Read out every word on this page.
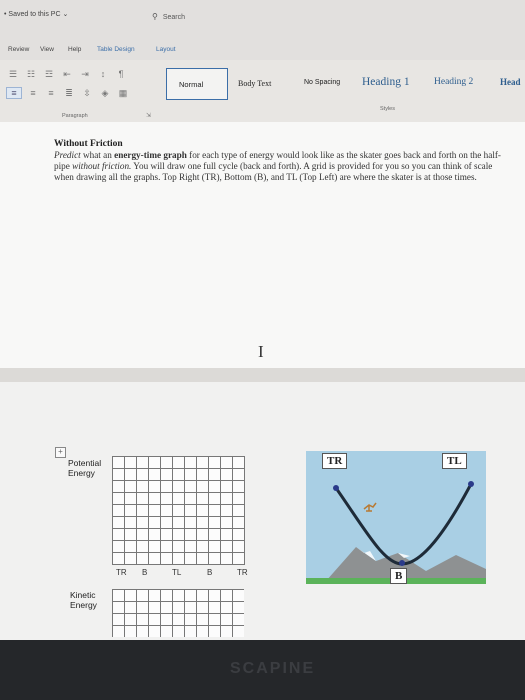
• Saved to this PC ⌄	⚲ Search
Review View Help Table Design	Layout
☰	☷	☲	⇤	⇥	↕	¶
≡	≡	≡	≣	⇳	◈	▦
Paragraph	⇲
Normal	Body Text	No Spacing Heading 1	Heading 2	Head
Styles
Without Friction
Predict what an energy-time graph for each type of energy would look like as the skater goes back and forth on the half-pipe without friction. You will draw one full cycle (back and forth). A grid is provided for you so you can think of scale when drawing all the graphs. Top Right (TR), Bottom (B), and TL (Top Left) are where the skater is at those times.
I
+
Potential Energy
TR B	TL	B	TR
Kinetic Energy
TR	TL
B
SCAPINE
